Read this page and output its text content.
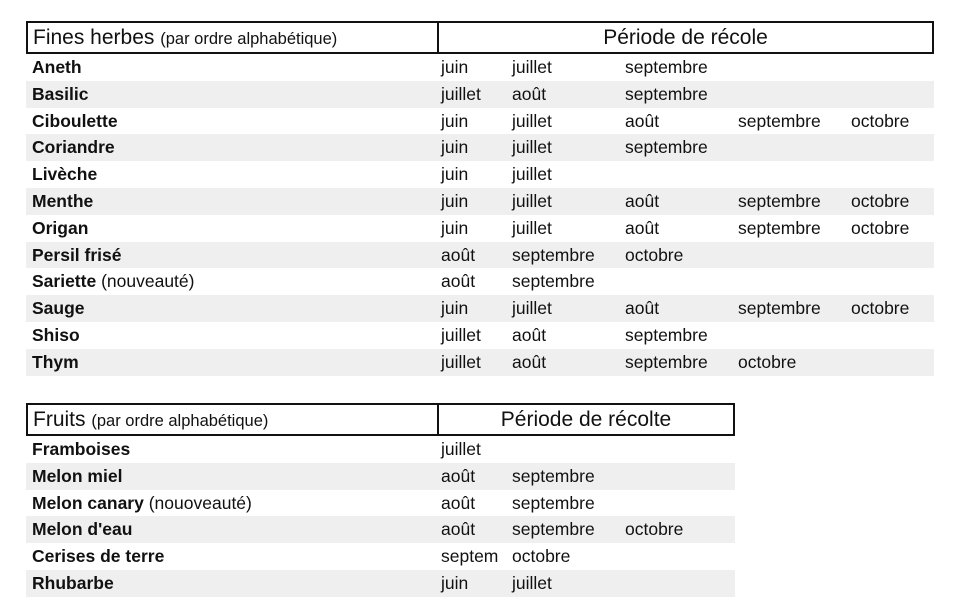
Fines herbes (par ordre alphabétique)	Période de récole
Aneth	juin	juillet	septembre
Basilic	juillet août	septembre
Ciboulette	juin	juillet	août	septembre octobre
Coriandre	juin	juillet	septembre
Livèche	juin	juillet
Menthe	juin	juillet	août	septembre octobre
Origan	juin	juillet	août	septembre octobre
Persil frisé	août septembre octobre
Sariette (nouveauté)	août septembre
Sauge	juin	juillet	août	septembre octobre
Shiso	juillet août	septembre
Thym	juillet août	septembre octobre
Fruits (par ordre alphabétique)	Période de récolte
Framboises	juillet
Melon miel	août septembre
Melon canary (nouoveauté)	août septembre
Melon d'eau	août septembre octobre
Cerises de terre	septem octobre
Rhubarbe	juin	juillet
